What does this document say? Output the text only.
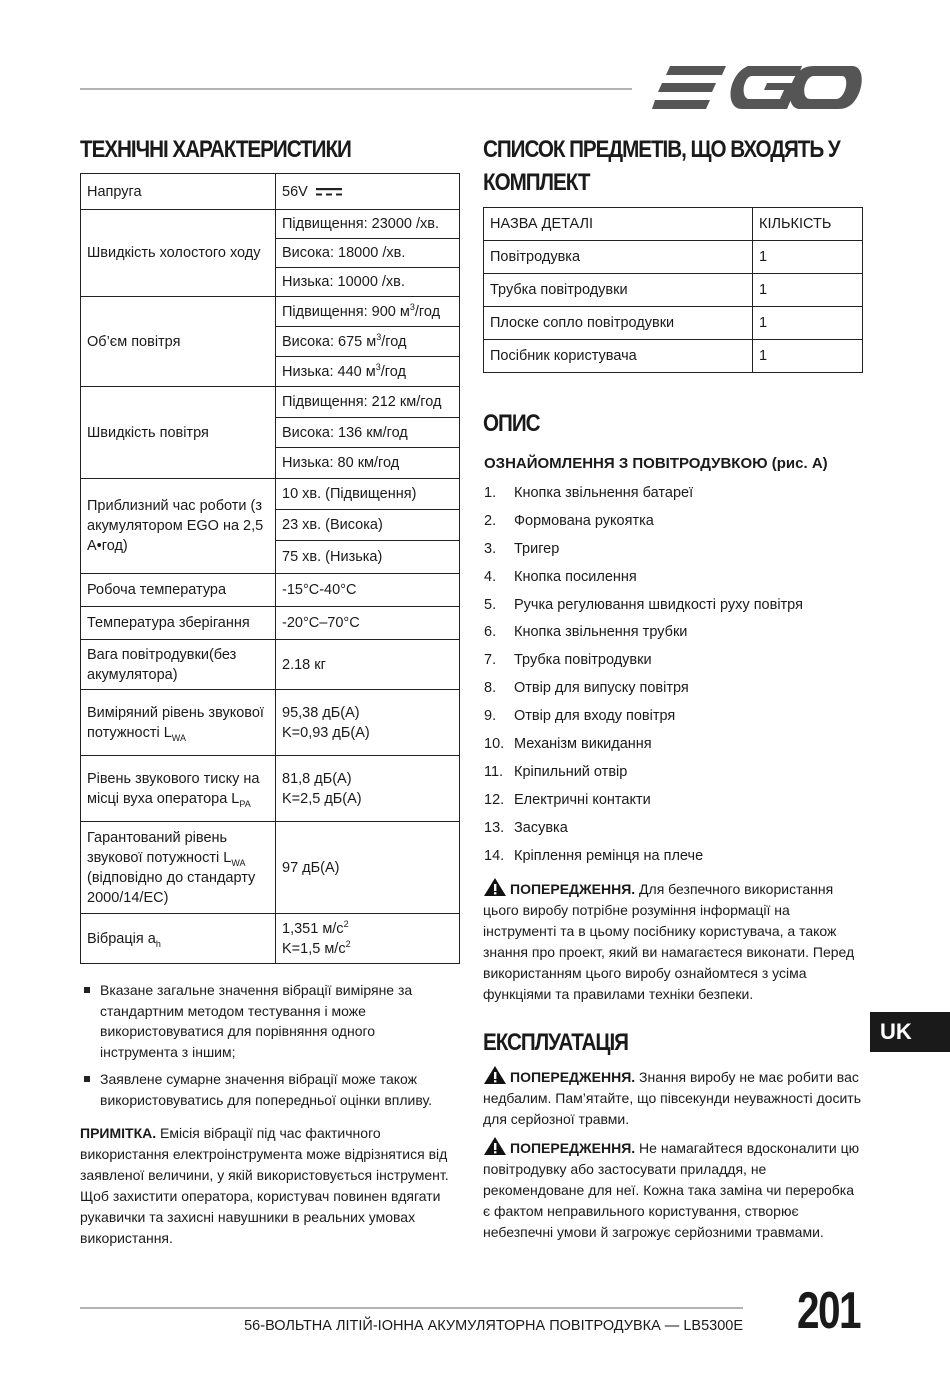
ТЕХНІЧНІ ХАРАКТЕРИСТИКИ
Напруга	56V
Швидкість холостого ходу	Підвищення: 23000 /хв.
	Висока: 18000 /хв.
	Низька: 10000 /хв.
Об’єм повітря	Підвищення: 900 $м^3$/год
	Висока: 675 $м^3$/год
	Низька: 440 $м^3$/год
Швидкість повітря	Підвищення: 212 км/год
	Висока: 136 км/год
	Низька: 80 км/год
Приблизний час роботи (з акумулятором EGO на 2,5 А•год)	10 хв. (Підвищення)
	23 хв. (Висока)
	75 хв. (Низька)
Робоча температура	-15°C-40°C
Температура зберігання	-20°C–70°C
Вага повітродувки(без акумулятора)	2.18 кг
Виміряний рівень звукової потужності $L_{WA}$	95,38 дБ(A)
K=0,93 дБ(A)
Рівень звукового тиску на місці вуха оператора $L_{PA}$	81,8 дБ(A)
K=2,5 дБ(A)
Гарантований рівень звукової потужності $L_{WA}$ (відповідно до стандарту 2000/14/EC)	97 дБ(A)
Вібрація $a_h$	1,351 $м/с^2$
K=1,5 $м/с^2$
Вказане загальне значення вібрації виміряне за стандартним методом тестування і може використовуватися для порівняння одного інструмента з іншим;
Заявлене сумарне значення вібрації може також використовуватись для попередньої оцінки впливу.
ПРИМІТКА. Емісія вібрації під час фактичного використання електроінструмента може відрізнятися від заявленої величини, у якій використовується інструмент. Щоб захистити оператора, користувач повинен вдягати рукавички та захисні навушники в реальних умовах використання.
СПИСОК ПРЕДМЕТІВ, ЩО ВХОДЯТЬ У
КОМПЛЕКТ
НАЗВА ДЕТАЛІ	КІЛЬКІСТЬ
Повітродувка	1
Трубка повітродувки	1
Плоске сопло повітродувки	1
Посібник користувача	1
ОПИС
ОЗНАЙОМЛЕННЯ З ПОВІТРОДУВКОЮ (рис. A)
1. Кнопка звільнення батареї
2. Формована рукоятка
3. Тригер
4. Кнопка посилення
5. Ручка регулювання швидкості руху повітря
6. Кнопка звільнення трубки
7. Трубка повітродувки
8. Отвір для випуску повітря
9. Отвір для входу повітря
10. Механізм викидання
11. Кріпильний отвір
12. Електричні контакти
13. Засувка
14. Кріплення ремінця на плече
ПОПЕРЕДЖЕННЯ. Для безпечного використання цього виробу потрібне розуміння інформації на інструменті та в цьому посібнику користувача, а також знання про проект, який ви намагаєтеся виконати. Перед використанням цього виробу ознайомтеся з усіма функціями та правилами техніки безпеки.
ЕКСПЛУАТАЦІЯ
ПОПЕРЕДЖЕННЯ. Знання виробу не має робити вас недбалим. Пам’ятайте, що півсекунди неуважності досить для серйозної травми.
ПОПЕРЕДЖЕННЯ. Не намагайтеся вдосконалити цю повітродувку або застосувати приладдя, не рекомендоване для неї. Кожна така заміна чи переробка є фактом неправильного користування, створює небезпечні умови й загрожує серйозними травмами.
UK
56-ВОЛЬТНА ЛІТІЙ-ІОННА АКУМУЛЯТОРНА ПОВІТРОДУВКА — LB5300E 201
